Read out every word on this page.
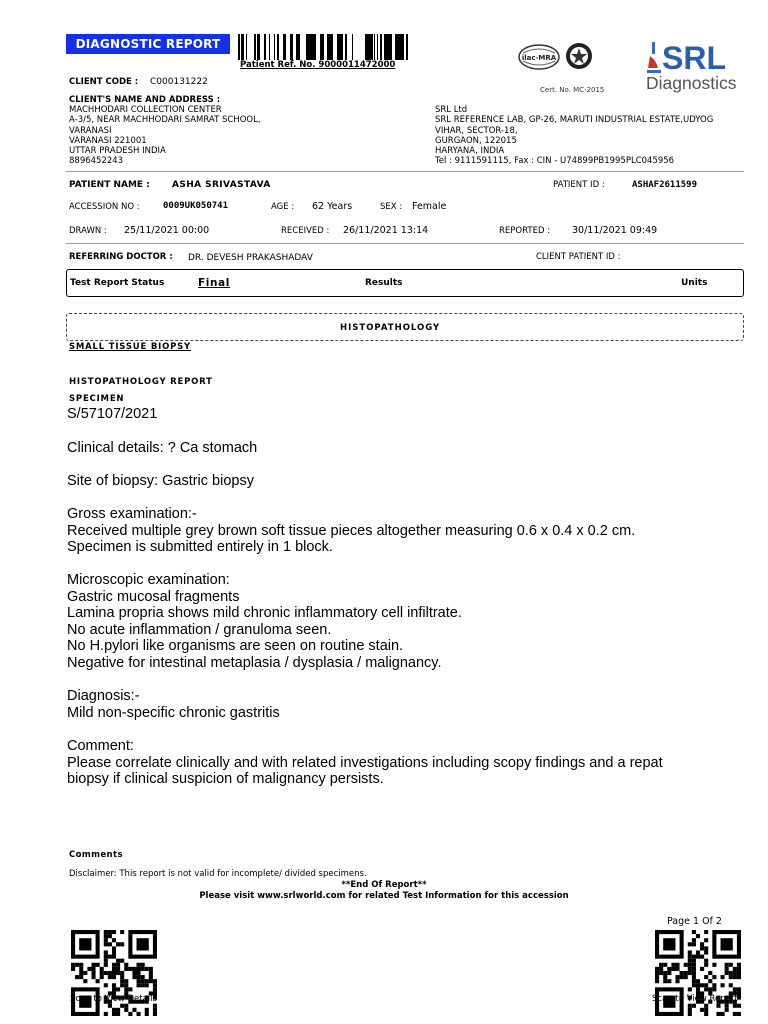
DIAGNOSTIC REPORT
Patient Ref. No. 9000011472000
ilac-MRA
Cert. No. MC-2015
SRL
Diagnostics
CLIENT CODE : C000131222
CLIENT'S NAME AND ADDRESS :
MACHHODARI COLLECTION CENTER
A-3/5, NEAR MACHHODARI SAMRAT SCHOOL,
VARANASI
VARANASI 221001
UTTAR PRADESH INDIA
8896452243
SRL Ltd
SRL REFERENCE LAB, GP-26, MARUTI INDUSTRIAL ESTATE,UDYOG
VIHAR, SECTOR-18,
GURGAON, 122015
HARYANA, INDIA
Tel : 9111591115, Fax : CIN - U74899PB1995PLC045956
PATIENT NAME : ASHA SRIVASTAVA	PATIENT ID :	ASHAF2611599
ACCESSION NO :	0009UK050741	AGE : 62 Years	SEX : Female
DRAWN : 25/11/2021 00:00	RECEIVED : 26/11/2021 13:14	REPORTED : 30/11/2021 09:49
REFERRING DOCTOR : DR. DEVESH PRAKASHADAV	CLIENT PATIENT ID :
Test Report Status	Final	Results	Units
HISTOPATHOLOGY
SMALL TISSUE BIOPSY
HISTOPATHOLOGY REPORT
SPECIMEN
S/57107/2021
Clinical details: ? Ca stomach
Site of biopsy: Gastric biopsy
Gross examination:-
Received multiple grey brown soft tissue pieces altogether measuring 0.6 x 0.4 x 0.2 cm.
Specimen is submitted entirely in 1 block.
Microscopic examination:
Gastric mucosal fragments
Lamina propria shows mild chronic inflammatory cell infiltrate.
No acute inflammation / granuloma seen.
No H.pylori like organisms are seen on routine stain.
Negative for intestinal metaplasia / dysplasia / malignancy.
Diagnosis:-
Mild non-specific chronic gastritis
Comment:
Please correlate clinically and with related investigations including scopy findings and a repat
biopsy if clinical suspicion of malignancy persists.
Comments
Disclaimer: This report is not valid for incomplete/ divided specimens.
**End Of Report**
Please visit www.srlworld.com for related Test Information for this accession
Page 1 Of 2
Scan to View Details	Scan to View Report
